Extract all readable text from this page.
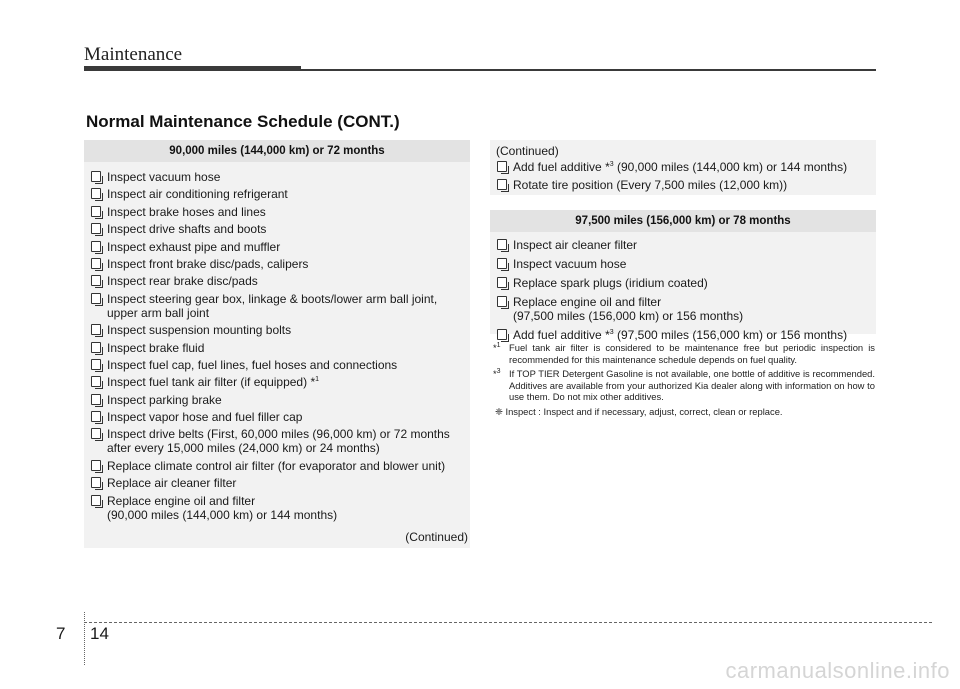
Maintenance
Normal Maintenance Schedule (CONT.)
90,000 miles (144,000 km) or 72 months
Inspect vacuum hose
Inspect air conditioning refrigerant
Inspect brake hoses and lines
Inspect drive shafts and boots
Inspect exhaust pipe and muffler
Inspect front brake disc/pads, calipers
Inspect rear brake disc/pads
Inspect steering gear box, linkage & boots/lower arm ball joint,
upper arm ball joint
Inspect suspension mounting bolts
Inspect brake fluid
Inspect fuel cap, fuel lines, fuel hoses and connections
Inspect fuel tank air filter (if equipped) *$^1$
Inspect parking brake
Inspect vapor hose and fuel filler cap
Inspect drive belts (First, 60,000 miles (96,000 km) or 72 months
after every 15,000 miles (24,000 km) or 24 months)
Replace climate control air filter (for evaporator and blower unit)
Replace air cleaner filter
Replace engine oil and filter
(90,000 miles (144,000 km) or 144 months)
(Continued)
(Continued)
Add fuel additive *$^3$ (90,000 miles (144,000 km) or 144 months)
Rotate tire position (Every 7,500 miles (12,000 km))
97,500 miles (156,000 km) or 78 months
Inspect air cleaner filter
Inspect vacuum hose
Replace spark plugs (iridium coated)
Replace engine oil and filter
(97,500 miles (156,000 km) or 156 months)
Add fuel additive *$^3$ (97,500 miles (156,000 km) or 156 months)
*$^1$ Fuel tank air filter is considered to be maintenance free but periodic inspection is recommended for this maintenance schedule depends on fuel quality.
*$^3$ If TOP TIER Detergent Gasoline is not available, one bottle of additive is recommended. Additives are available from your authorized Kia dealer along with information on how to use them. Do not mix other additives.
❈ Inspect : Inspect and if necessary, adjust, correct, clean or replace.
7 14
carmanualsonline.info
